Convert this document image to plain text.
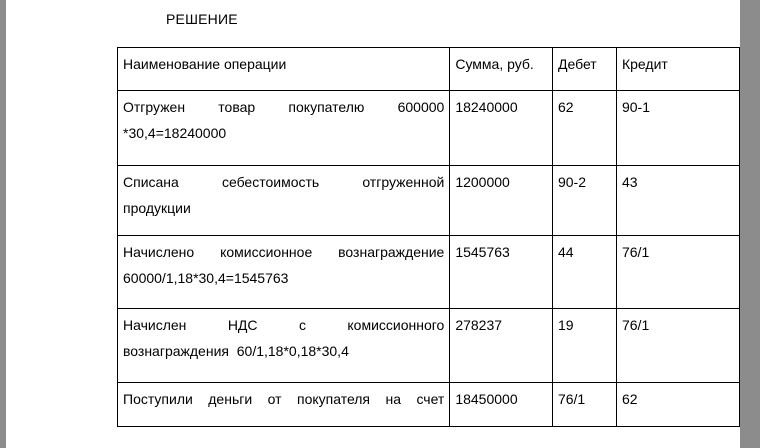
РЕШЕНИЕ
Наименование операции	Сумма, руб.	Дебет	Кредит

Отгружен товар покупателю 600000
*30,4=18240000	18240000	62	90-1

Списана себестоимость отгруженной
продукции	1200000	90-2	43

Начислено комиссионное вознаграждение
60000/1,18*30,4=1545763	1545763	44	76/1

Начислен НДС с комиссионного
вознаграждения  60/1,18*0,18*30,4	278237	19	76/1

Поступили деньги от покупателя на счет	18450000	76/1	62
